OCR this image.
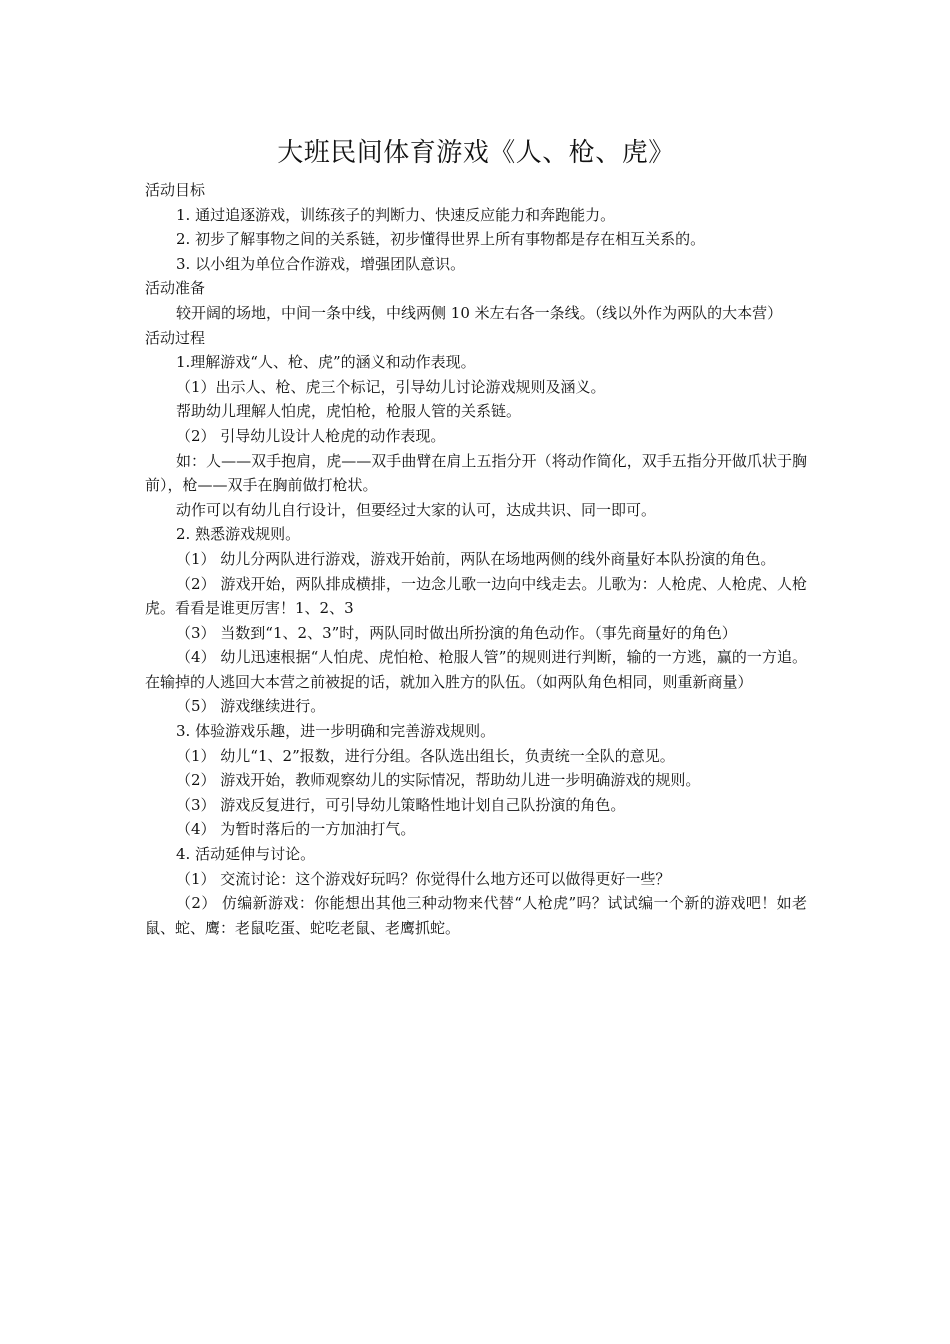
大班民间体育游戏《人、枪、虎》

活动目标

1. 通过追逐游戏，训练孩子的判断力、快速反应能力和奔跑能力。

2. 初步了解事物之间的关系链，初步懂得世界上所有事物都是存在相互关系的。

3. 以小组为单位合作游戏，增强团队意识。

活动准备

较开阔的场地，中间一条中线，中线两侧 10 米左右各一条线。（线以外作为两队的大本营）

活动过程

1.理解游戏“人、枪、虎”的涵义和动作表现。

（1）出示人、枪、虎三个标记，引导幼儿讨论游戏规则及涵义。

帮助幼儿理解人怕虎，虎怕枪，枪服人管的关系链。

（2） 引导幼儿设计人枪虎的动作表现。

如：人——双手抱肩，虎——双手曲臂在肩上五指分开（将动作简化，双手五指分开做爪状于胸前），枪——双手在胸前做打枪状。

动作可以有幼儿自行设计，但要经过大家的认可，达成共识、同一即可。

2. 熟悉游戏规则。

（1） 幼儿分两队进行游戏，游戏开始前，两队在场地两侧的线外商量好本队扮演的角色。

（2） 游戏开始，两队排成横排，一边念儿歌一边向中线走去。儿歌为：人枪虎、人枪虎、人枪虎。看看是谁更厉害！1、2、3

（3） 当数到“1、2、3”时，两队同时做出所扮演的角色动作。（事先商量好的角色）

（4） 幼儿迅速根据“人怕虎、虎怕枪、枪服人管”的规则进行判断，输的一方逃，赢的一方追。在输掉的人逃回大本营之前被捉的话，就加入胜方的队伍。（如两队角色相同，则重新商量）

（5） 游戏继续进行。

3. 体验游戏乐趣，进一步明确和完善游戏规则。

（1） 幼儿“1、2”报数，进行分组。各队选出组长，负责统一全队的意见。

（2） 游戏开始，教师观察幼儿的实际情况，帮助幼儿进一步明确游戏的规则。

（3） 游戏反复进行，可引导幼儿策略性地计划自己队扮演的角色。

（4） 为暂时落后的一方加油打气。

4. 活动延伸与讨论。

（1） 交流讨论：这个游戏好玩吗？你觉得什么地方还可以做得更好一些？

（2） 仿编新游戏：你能想出其他三种动物来代替“人枪虎”吗？试试编一个新的游戏吧！如老鼠、蛇、鹰：老鼠吃蛋、蛇吃老鼠、老鹰抓蛇。
